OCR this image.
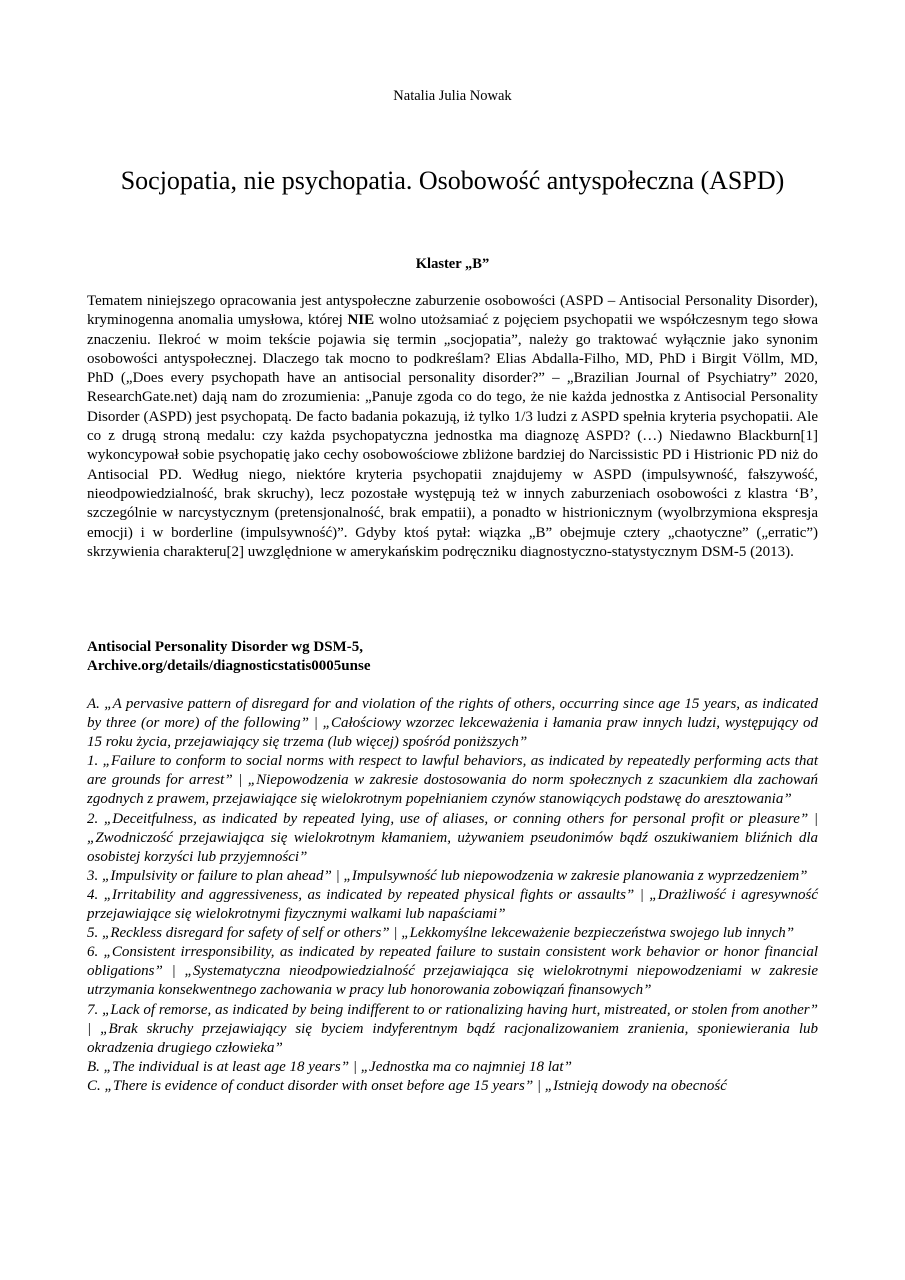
Natalia Julia Nowak
Socjopatia, nie psychopatia. Osobowość antyspołeczna (ASPD)
Klaster „B”

Tematem niniejszego opracowania jest antyspołeczne zaburzenie osobowości (ASPD – Antisocial Personality Disorder), kryminogenna anomalia umysłowa, której NIE wolno utożsamiać z pojęciem psychopatii we współczesnym tego słowa znaczeniu. Ilekroć w moim tekście pojawia się termin „socjopatia”, należy go traktować wyłącznie jako synonim osobowości antyspołecznej. Dlaczego tak mocno to podkreślam? Elias Abdalla-Filho, MD, PhD i Birgit Völlm, MD, PhD („Does every psychopath have an antisocial personality disorder?” – „Brazilian Journal of Psychiatry” 2020, ResearchGate.net) dają nam do zrozumienia: „Panuje zgoda co do tego, że nie każda jednostka z Antisocial Personality Disorder (ASPD) jest psychopatą. De facto badania pokazują, iż tylko 1/3 ludzi z ASPD spełnia kryteria psychopatii. Ale co z drugą stroną medalu: czy każda psychopatyczna jednostka ma diagnozę ASPD? (…) Niedawno Blackburn[1] wykoncypował sobie psychopatię jako cechy osobowościowe zbliżone bardziej do Narcissistic PD i Histrionic PD niż do Antisocial PD. Według niego, niektóre kryteria psychopatii znajdujemy w ASPD (impulsywność, fałszywość, nieodpowiedzialność, brak skruchy), lecz pozostałe występują też w innych zaburzeniach osobowości z klastra ‘B’, szczególnie w narcystycznym (pretensjonalność, brak empatii), a ponadto w histrionicznym (wyolbrzymiona ekspresja emocji) i w borderline (impulsywność)”. Gdyby ktoś pytał: wiązka „B” obejmuje cztery „chaotyczne” („erratic”) skrzywienia charakteru[2] uwzględnione w amerykańskim podręczniku diagnostyczno-statystycznym DSM-5 (2013).

Antisocial Personality Disorder wg DSM-5,
Archive.org/details/diagnosticstatis0005unse

A. „A pervasive pattern of disregard for and violation of the rights of others, occurring since age 15 years, as indicated by three (or more) of the following” | „Całościowy wzorzec lekceważenia i łamania praw innych ludzi, występujący od 15 roku życia, przejawiający się trzema (lub więcej) spośród poniższych”

1. „Failure to conform to social norms with respect to lawful behaviors, as indicated by repeatedly performing acts that are grounds for arrest” | „Niepowodzenia w zakresie dostosowania do norm społecznych z szacunkiem dla zachowań zgodnych z prawem, przejawiające się wielokrotnym popełnianiem czynów stanowiących podstawę do aresztowania”

2. „Deceitfulness, as indicated by repeated lying, use of aliases, or conning others for personal profit or pleasure” | „Zwodniczość przejawiająca się wielokrotnym kłamaniem, używaniem pseudonimów bądź oszukiwaniem bliźnich dla osobistej korzyści lub przyjemności”

3. „Impulsivity or failure to plan ahead” | „Impulsywność lub niepowodzenia w zakresie planowania z wyprzedzeniem”

4. „Irritability and aggressiveness, as indicated by repeated physical fights or assaults” | „Drażliwość i agresywność przejawiające się wielokrotnymi fizycznymi walkami lub napaściami”

5. „Reckless disregard for safety of self or others” | „Lekkomyślne lekceważenie bezpieczeństwa swojego lub innych”

6. „Consistent irresponsibility, as indicated by repeated failure to sustain consistent work behavior or honor financial obligations” | „Systematyczna nieodpowiedzialność przejawiająca się wielokrotnymi niepowodzeniami w zakresie utrzymania konsekwentnego zachowania w pracy lub honorowania zobowiązań finansowych”

7. „Lack of remorse, as indicated by being indifferent to or rationalizing having hurt, mistreated, or stolen from another” | „Brak skruchy przejawiający się byciem indyferentnym bądź racjonalizowaniem zranienia, sponiewierania lub okradzenia drugiego człowieka”

B. „The individual is at least age 18 years” | „Jednostka ma co najmniej 18 lat”

C. „There is evidence of conduct disorder with onset before age 15 years” | „Istnieją dowody na obecność
